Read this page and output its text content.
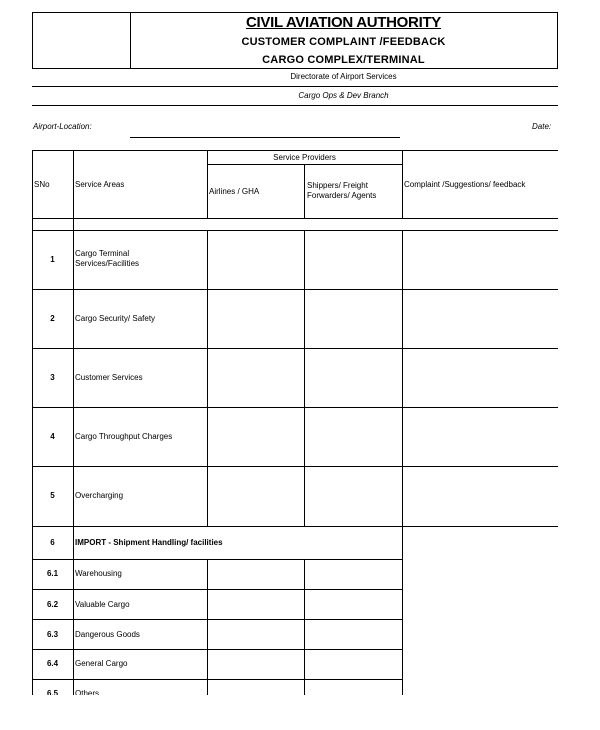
CIVIL AVIATION AUTHORITY
CUSTOMER COMPLAINT /FEEDBACK
CARGO COMPLEX/TERMINAL
Directorate of Airport Services
Cargo Ops & Dev Branch
Airport-Location:	Date:
SNo	Service Areas
Service Providers
Airlines / GHA
Shippers/ Freight Forwarders/ Agents
Complaint /Suggestions/ feedback
1
2
3
4
5
6
6.1
6.2
6.3
6.4
6.5
Cargo Terminal Services/Facilities
Cargo Security/ Safety
Customer Services
Cargo Throughput Charges
Overcharging
IMPORT - Shipment Handling/ facilities
Warehousing
Valuable Cargo
Dangerous Goods
General Cargo
Others
